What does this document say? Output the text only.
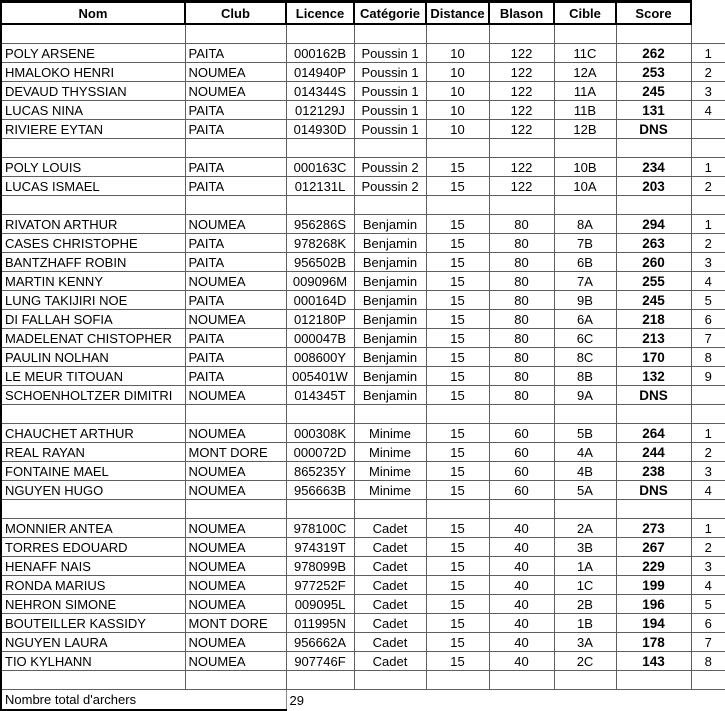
Nom	Club	Licence	Catégorie	Distance	Blason	Cible	Score	

POLY ARSENE	PAITA	000162B	Poussin 1	10	122	11C	262	1
HMALOKO HENRI	NOUMEA	014940P	Poussin 1	10	122	12A	253	2
DEVAUD THYSSIAN	NOUMEA	014344S	Poussin 1	10	122	11A	245	3
LUCAS NINA	PAITA	012129J	Poussin 1	10	122	11B	131	4
RIVIERE EYTAN	PAITA	014930D	Poussin 1	10	122	12B	DNS	

POLY LOUIS	PAITA	000163C	Poussin 2	15	122	10B	234	1
LUCAS ISMAEL	PAITA	012131L	Poussin 2	15	122	10A	203	2

RIVATON ARTHUR	NOUMEA	956286S	Benjamin	15	80	8A	294	1
CASES CHRISTOPHE	PAITA	978268K	Benjamin	15	80	7B	263	2
BANTZHAFF ROBIN	PAITA	956502B	Benjamin	15	80	6B	260	3
MARTIN KENNY	NOUMEA	009096M	Benjamin	15	80	7A	255	4
LUNG TAKIJIRI NOE	PAITA	000164D	Benjamin	15	80	9B	245	5
DI FALLAH SOFIA	NOUMEA	012180P	Benjamin	15	80	6A	218	6
MADELENAT CHISTOPHER	PAITA	000047B	Benjamin	15	80	6C	213	7
PAULIN NOLHAN	PAITA	008600Y	Benjamin	15	80	8C	170	8
LE MEUR TITOUAN	PAITA	005401W	Benjamin	15	80	8B	132	9
SCHOENHOLTZER DIMITRI	NOUMEA	014345T	Benjamin	15	80	9A	DNS	

CHAUCHET ARTHUR	NOUMEA	000308K	Minime	15	60	5B	264	1
REAL RAYAN	MONT DORE	000072D	Minime	15	60	4A	244	2
FONTAINE MAEL	NOUMEA	865235Y	Minime	15	60	4B	238	3
NGUYEN HUGO	NOUMEA	956663B	Minime	15	60	5A	DNS	4

MONNIER ANTEA	NOUMEA	978100C	Cadet	15	40	2A	273	1
TORRES EDOUARD	NOUMEA	974319T	Cadet	15	40	3B	267	2
HENAFF NAIS	NOUMEA	978099B	Cadet	15	40	1A	229	3
RONDA MARIUS	NOUMEA	977252F	Cadet	15	40	1C	199	4
NEHRON SIMONE	NOUMEA	009095L	Cadet	15	40	2B	196	5
BOUTEILLER KASSIDY	MONT DORE	011995N	Cadet	15	40	1B	194	6
NGUYEN LAURA	NOUMEA	956662A	Cadet	15	40	3A	178	7
TIO KYLHANN	NOUMEA	907746F	Cadet	15	40	2C	143	8

Nombre total d'archers		29						
